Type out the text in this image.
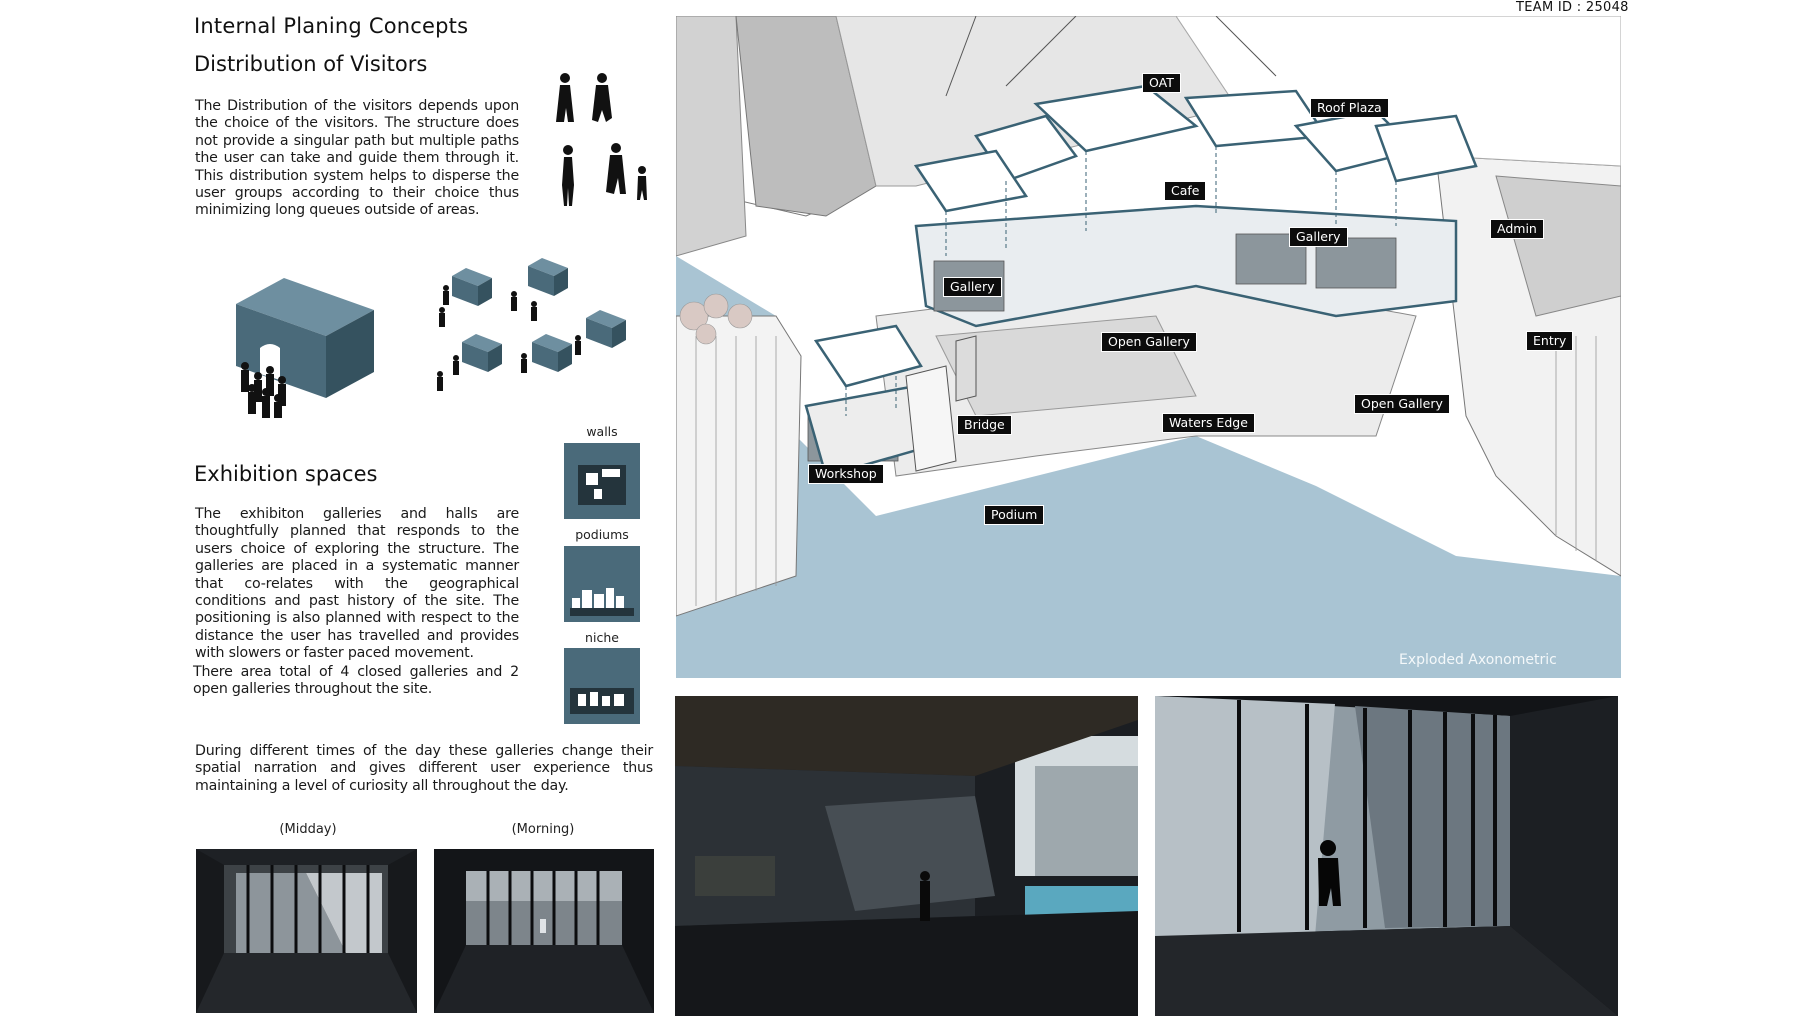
TEAM ID : 25048
Internal Planing Concepts
Distribution of Visitors
The Distribution of the visitors depends upon the choice of the visitors. The structure does not provide a singular path but multiple paths the user can take and guide them through it. This distribution system helps to disperse the user groups according to their choice thus minimizing long queues outside of areas.
Exhibition spaces
The exhibiton galleries and halls are thoughtfully planned that responds to the users choice of exploring the structure. The galleries are placed in a systematic manner that co-relates with the geographical conditions and past history of the site. The positioning is also planned with respect to the distance the user has travelled and provides with slowers or faster paced movement.
There area total of 4 closed galleries and 2 open galleries throughout the site.
walls
podiums
niche
During different times of the day these galleries change their spatial narration and gives different user experience thus maintaining a level of curiosity all throughout the day.
(Midday)	(Morning)
OAT
Roof Plaza
Cafe
Gallery
Admin
Gallery
Open Gallery	Entry
Open Gallery
Bridge	Waters Edge
Workshop
Podium
Exploded Axonometric
